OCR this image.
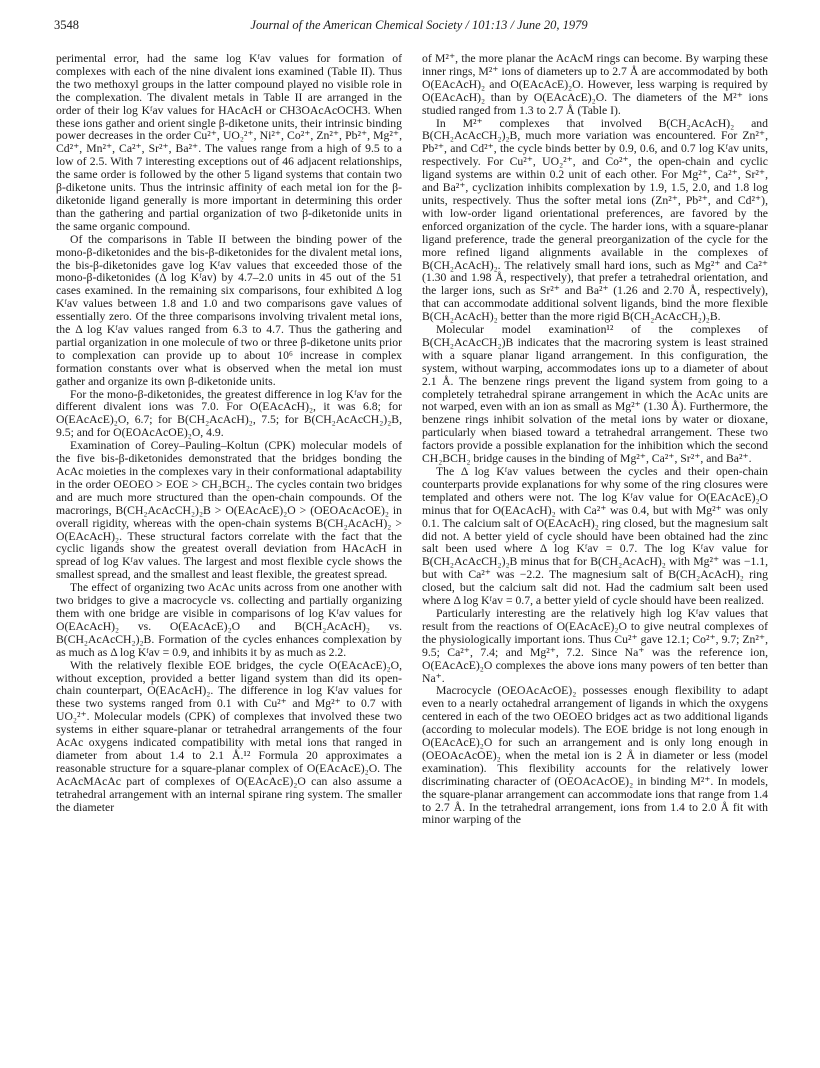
3548	Journal of the American Chemical Society / 101:13 / June 20, 1979

perimental error, had the same log Kᶠav values for formation of complexes with each of the nine divalent ions examined (Table II). Thus the two methoxyl groups in the latter compound played no visible role in the complexation. The divalent metals in Table II are arranged in the order of their log Kᶠav values for HAcAcH or CH3OAcAcOCH3. When these ions gather and orient single β-diketone units, their intrinsic binding power decreases in the order Cu²⁺, UO₂²⁺, Ni²⁺, Co²⁺, Zn²⁺, Pb²⁺, Mg²⁺, Cd²⁺, Mn²⁺, Ca²⁺, Sr²⁺, Ba²⁺. The values range from a high of 9.5 to a low of 2.5. With 7 interesting exceptions out of 46 adjacent relationships, the same order is followed by the other 5 ligand systems that contain two β-diketone units. Thus the intrinsic affinity of each metal ion for the β-diketonide ligand generally is more important in determining this order than the gathering and partial organization of two β-diketonide units in the same organic compound.

Of the comparisons in Table II between the binding power of the mono-β-diketonides and the bis-β-diketonides for the divalent metal ions, the bis-β-diketonides gave log Kᶠav values that exceeded those of the mono-β-diketonides (Δ log Kᶠav) by 4.7–2.0 units in 45 out of the 51 cases examined. In the remaining six comparisons, four exhibited Δ log Kᶠav values between 1.8 and 1.0 and two comparisons gave values of essentially zero. Of the three comparisons involving trivalent metal ions, the Δ log Kᶠav values ranged from 6.3 to 4.7. Thus the gathering and partial organization in one molecule of two or three β-diketone units prior to complexation can provide up to about 10⁶ increase in complex formation constants over what is observed when the metal ion must gather and organize its own β-diketonide units.

For the mono-β-diketonides, the greatest difference in log Kᶠav for the different divalent ions was 7.0. For O(EAcAcH)₂, it was 6.8; for O(EAcAcE)₂O, 6.7; for B(CH₂AcAcH)₂, 7.5; for B(CH₂AcAcCH₂)₂B, 9.5; and for O(EOAcAcOE)₂O, 4.9.

Examination of Corey–Pauling–Koltun (CPK) molecular models of the five bis-β-diketonides demonstrated that the bridges bonding the AcAc moieties in the complexes vary in their conformational adaptability in the order OEOEO > EOE > CH₂BCH₂. The cycles contain two bridges and are much more structured than the open-chain compounds. Of the macrorings, B(CH₂AcAcCH₂)₂B > O(EAcAcE)₂O > (OEOAcAcOE)₂ in overall rigidity, whereas with the open-chain systems B(CH₂AcAcH)₂ > O(EAcAcH)₂. These structural factors correlate with the fact that the cyclic ligands show the greatest overall deviation from HAcAcH in spread of log Kᶠav values. The largest and most flexible cycle shows the smallest spread, and the smallest and least flexible, the greatest spread.

The effect of organizing two AcAc units across from one another with two bridges to give a macrocycle vs. collecting and partially organizing them with one bridge are visible in comparisons of log Kᶠav values for O(EAcAcH)₂ vs. O(EAcAcE)₂O and B(CH₂AcAcH)₂ vs. B(CH₂AcAcCH₂)₂B. Formation of the cycles enhances complexation by as much as Δ log Kᶠav = 0.9, and inhibits it by as much as 2.2.

With the relatively flexible EOE bridges, the cycle O(EAcAcE)₂O, without exception, provided a better ligand system than did its open-chain counterpart, O(EAcAcH)₂. The difference in log Kᶠav values for these two systems ranged from 0.1 with Cu²⁺ and Mg²⁺ to 0.7 with UO₂²⁺. Molecular models (CPK) of complexes that involved these two systems in either square-planar or tetrahedral arrangements of the four AcAc oxygens indicated compatibility with metal ions that ranged in diameter from about 1.4 to 2.1 Å.¹² Formula 20 approximates a reasonable structure for a square-planar complex of O(EAcAcE)₂O. The AcAcMAcAc part of complexes of O(EAcAcE)₂O can also assume a tetrahedral arrangement with an internal spirane ring system. The smaller the diameter

of M²⁺, the more planar the AcAcM rings can become. By warping these inner rings, M²⁺ ions of diameters up to 2.7 Å are accommodated by both O(EAcAcH)₂ and O(EAcAcE)₂O. However, less warping is required by O(EAcAcH)₂ than by O(EAcAcE)₂O. The diameters of the M²⁺ ions studied ranged from 1.3 to 2.7 Å (Table I).

In M²⁺ complexes that involved B(CH₂AcAcH)₂ and B(CH₂AcAcCH₂)₂B, much more variation was encountered. For Zn²⁺, Pb²⁺, and Cd²⁺, the cycle binds better by 0.9, 0.6, and 0.7 log Kᶠav units, respectively. For Cu²⁺, UO₂²⁺, and Co²⁺, the open-chain and cyclic ligand systems are within 0.2 unit of each other. For Mg²⁺, Ca²⁺, Sr²⁺, and Ba²⁺, cyclization inhibits complexation by 1.9, 1.5, 2.0, and 1.8 log units, respectively. Thus the softer metal ions (Zn²⁺, Pb²⁺, and Cd²⁺), with low-order ligand orientational preferences, are favored by the enforced organization of the cycle. The harder ions, with a square-planar ligand preference, trade the general preorganization of the cycle for the more refined ligand alignments available in the complexes of B(CH₂AcAcH)₂. The relatively small hard ions, such as Mg²⁺ and Ca²⁺ (1.30 and 1.98 Å, respectively), that prefer a tetrahedral orientation, and the larger ions, such as Sr²⁺ and Ba²⁺ (1.26 and 2.70 Å, respectively), that can accommodate additional solvent ligands, bind the more flexible B(CH₂AcAcH)₂ better than the more rigid B(CH₂AcAcCH₂)₂B.

Molecular model examination¹² of the complexes of B(CH₂AcAcCH₂)B indicates that the macroring system is least strained with a square planar ligand arrangement. In this configuration, the system, without warping, accommodates ions up to a diameter of about 2.1 Å. The benzene rings prevent the ligand system from going to a completely tetrahedral spirane arrangement in which the AcAc units are not warped, even with an ion as small as Mg²⁺ (1.30 Å). Furthermore, the benzene rings inhibit solvation of the metal ions by water or dioxane, particularly when biased toward a tetrahedral arrangement. These two factors provide a possible explanation for the inhibition which the second CH₂BCH₂ bridge causes in the binding of Mg²⁺, Ca²⁺, Sr²⁺, and Ba²⁺.

The Δ log Kᶠav values between the cycles and their open-chain counterparts provide explanations for why some of the ring closures were templated and others were not. The log Kᶠav value for O(EAcAcE)₂O minus that for O(EAcAcH)₂ with Ca²⁺ was 0.4, but with Mg²⁺ was only 0.1. The calcium salt of O(EAcAcH)₂ ring closed, but the magnesium salt did not. A better yield of cycle should have been obtained had the zinc salt been used where Δ log Kᶠav = 0.7. The log Kᶠav value for B(CH₂AcAcCH₂)₂B minus that for B(CH₂AcAcH)₂ with Mg²⁺ was −1.1, but with Ca²⁺ was −2.2. The magnesium salt of B(CH₂AcAcH)₂ ring closed, but the calcium salt did not. Had the cadmium salt been used where Δ log Kᶠav = 0.7, a better yield of cycle should have been realized.

Particularly interesting are the relatively high log Kᶠav values that result from the reactions of O(EAcAcE)₂O to give neutral complexes of the physiologically important ions. Thus Cu²⁺ gave 12.1; Co²⁺, 9.7; Zn²⁺, 9.5; Ca²⁺, 7.4; and Mg²⁺, 7.2. Since Na⁺ was the reference ion, O(EAcAcE)₂O complexes the above ions many powers of ten better than Na⁺.

Macrocycle (OEOAcAcOE)₂ possesses enough flexibility to adapt even to a nearly octahedral arrangement of ligands in which the oxygens centered in each of the two OEOEO bridges act as two additional ligands (according to molecular models). The EOE bridge is not long enough in O(EAcAcE)₂O for such an arrangement and is only long enough in (OEOAcAcOE)₂ when the metal ion is 2 Å in diameter or less (model examination). This flexibility accounts for the relatively lower discriminating character of (OEOAcAcOE)₂ in binding M²⁺. In models, the square-planar arrangement can accommodate ions that range from 1.4 to 2.7 Å. In the tetrahedral arrangement, ions from 1.4 to 2.0 Å fit with minor warping of the
